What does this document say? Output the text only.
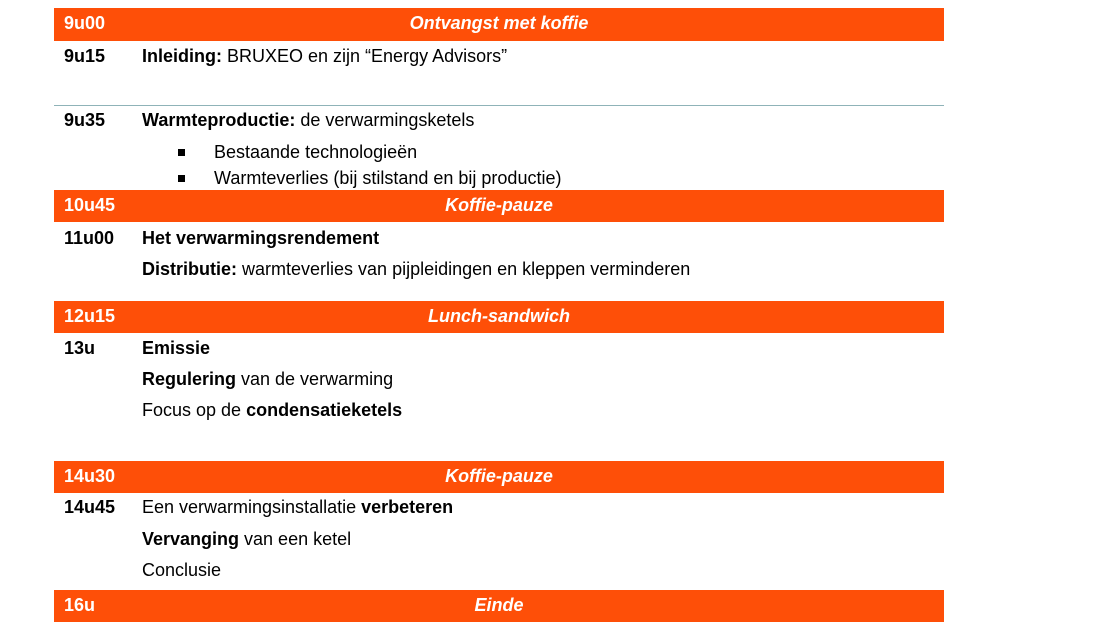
9u00	Ontvangst met koffie
9u15 Inleiding: BRUXEO en zijn “Energy Advisors”
9u35 Warmteproductie: de verwarmingsketels
Bestaande technologieën
Warmteverlies (bij stilstand en bij productie)
10u45	Koffie-pauze
11u00 Het verwarmingsrendement
Distributie: warmteverlies van pijpleidingen en kleppen verminderen
12u15	Lunch-sandwich
13u	Emissie
Regulering van de verwarming
Focus op de condensatieketels
14u30	Koffie-pauze
14u45 Een verwarmingsinstallatie verbeteren
Vervanging van een ketel
Conclusie
16u	Einde
